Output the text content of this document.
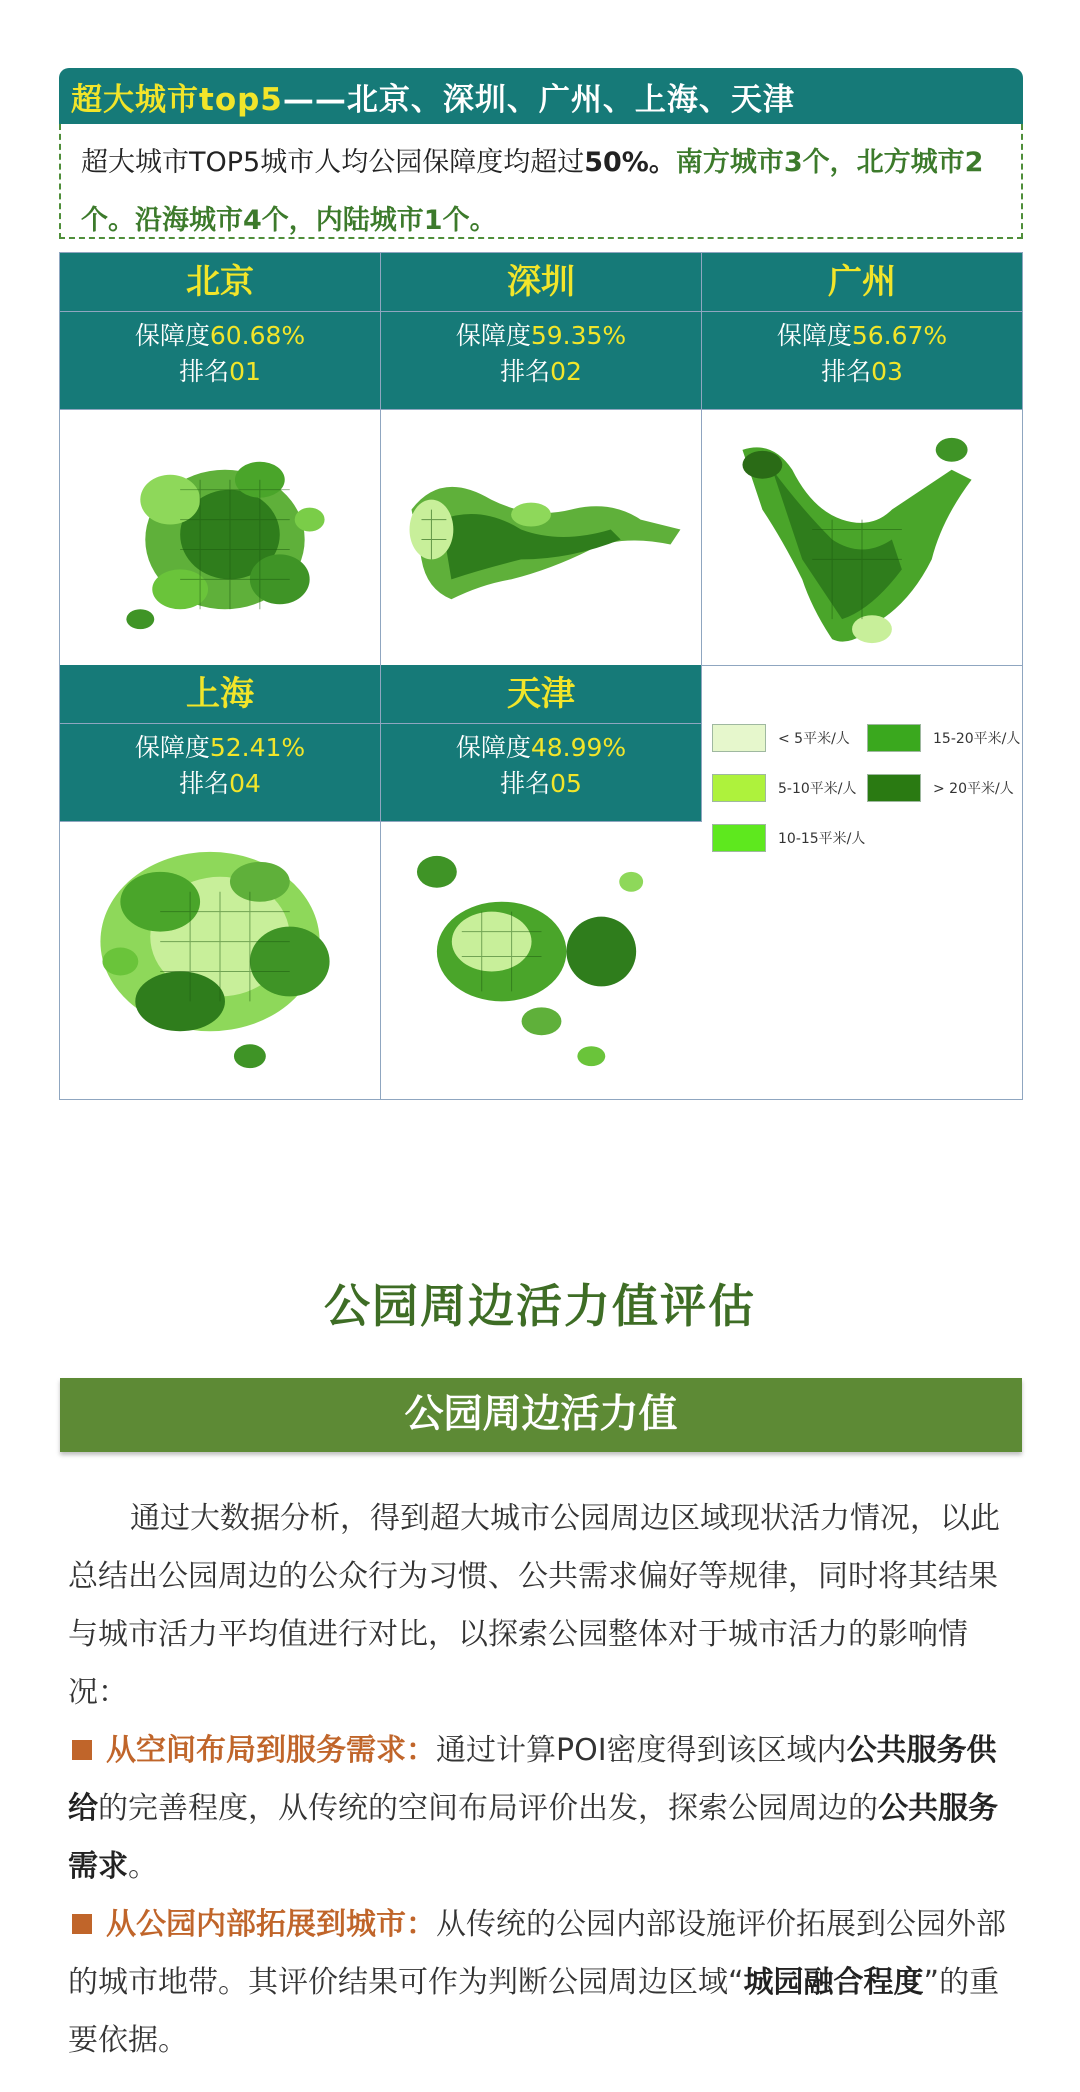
超大城市top5 ——北京、深圳、广州、上海、天津
超大城市TOP5城市人均公园保障度均超过50%。南方城市3个，北方城市2个。沿海城市4个，内陆城市1个。
北京
保障度60.68%
排名01
深圳
保障度59.35%
排名02
广州
保障度56.67%
排名03
上海
保障度52.41%
排名04
天津
保障度48.99%
排名05
< 5平米/人	15-20平米/人
5-10平米/人	> 20平米/人
10-15平米/人
公园周边活力值评估
公园周边活力值

通过大数据分析，得到超大城市公园周边区域现状活力情况，以此总结出公园周边的公众行为习惯、公共需求偏好等规律，同时将其结果与城市活力平均值进行对比，以探索公园整体对于城市活力的影响情况：

从空间布局到服务需求：通过计算POI密度得到该区域内公共服务供给的完善程度，从传统的空间布局评价出发，探索公园周边的公共服务需求。

从公园内部拓展到城市：从传统的公园内部设施评价拓展到公园外部的城市地带。其评价结果可作为判断公园周边区域“城园融合程度”的重要依据。
